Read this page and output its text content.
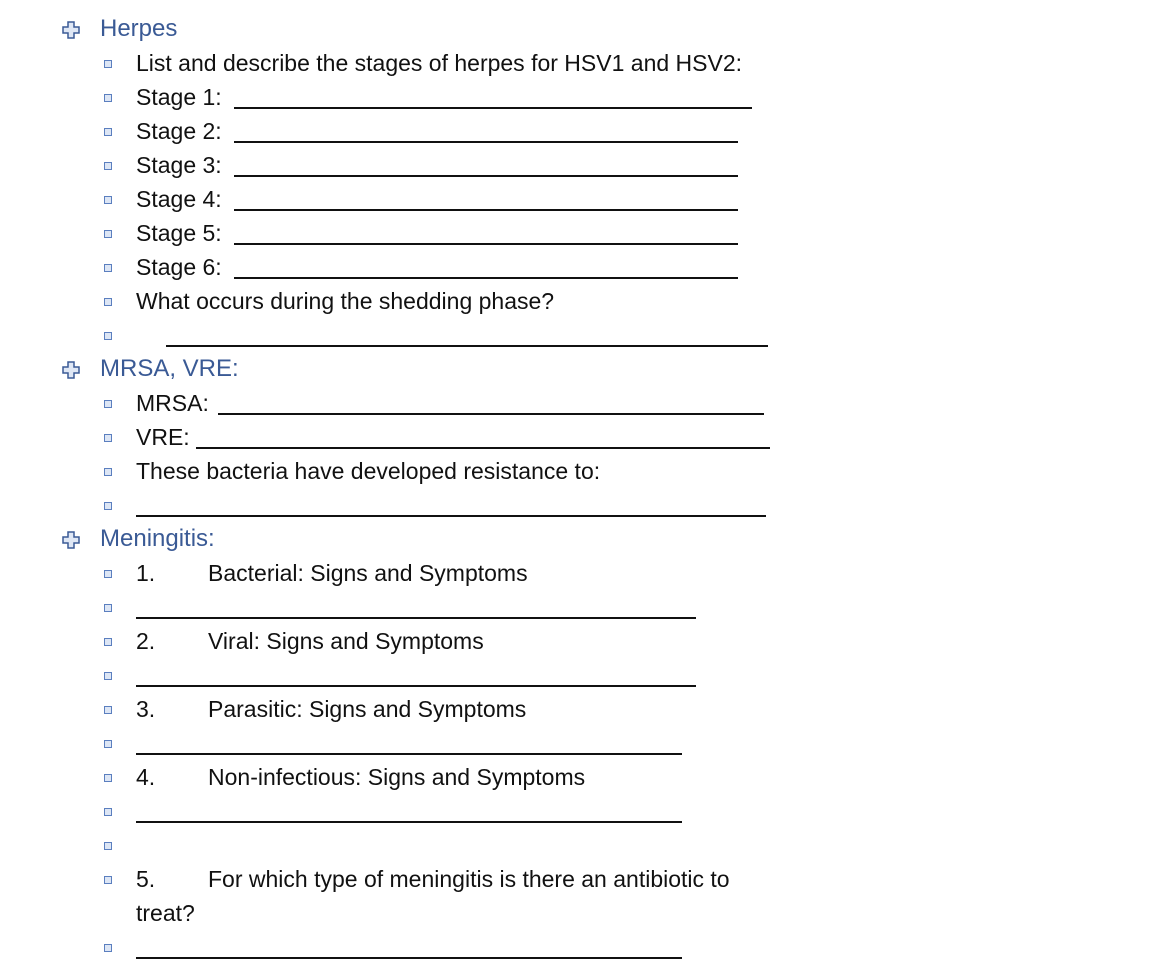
Herpes
List and describe the stages of herpes for HSV1 and HSV2:
Stage 1:
Stage 2:
Stage 3:
Stage 4:
Stage 5:
Stage 6:
What occurs during the shedding phase?
MRSA, VRE:
MRSA:
VRE:
These bacteria have developed resistance to:
Meningitis:
1. Bacterial: Signs and Symptoms
2. Viral: Signs and Symptoms
3. Parasitic: Signs and Symptoms
4. Non-infectious: Signs and Symptoms
5. For which type of meningitis is there an antibiotic to
treat?
